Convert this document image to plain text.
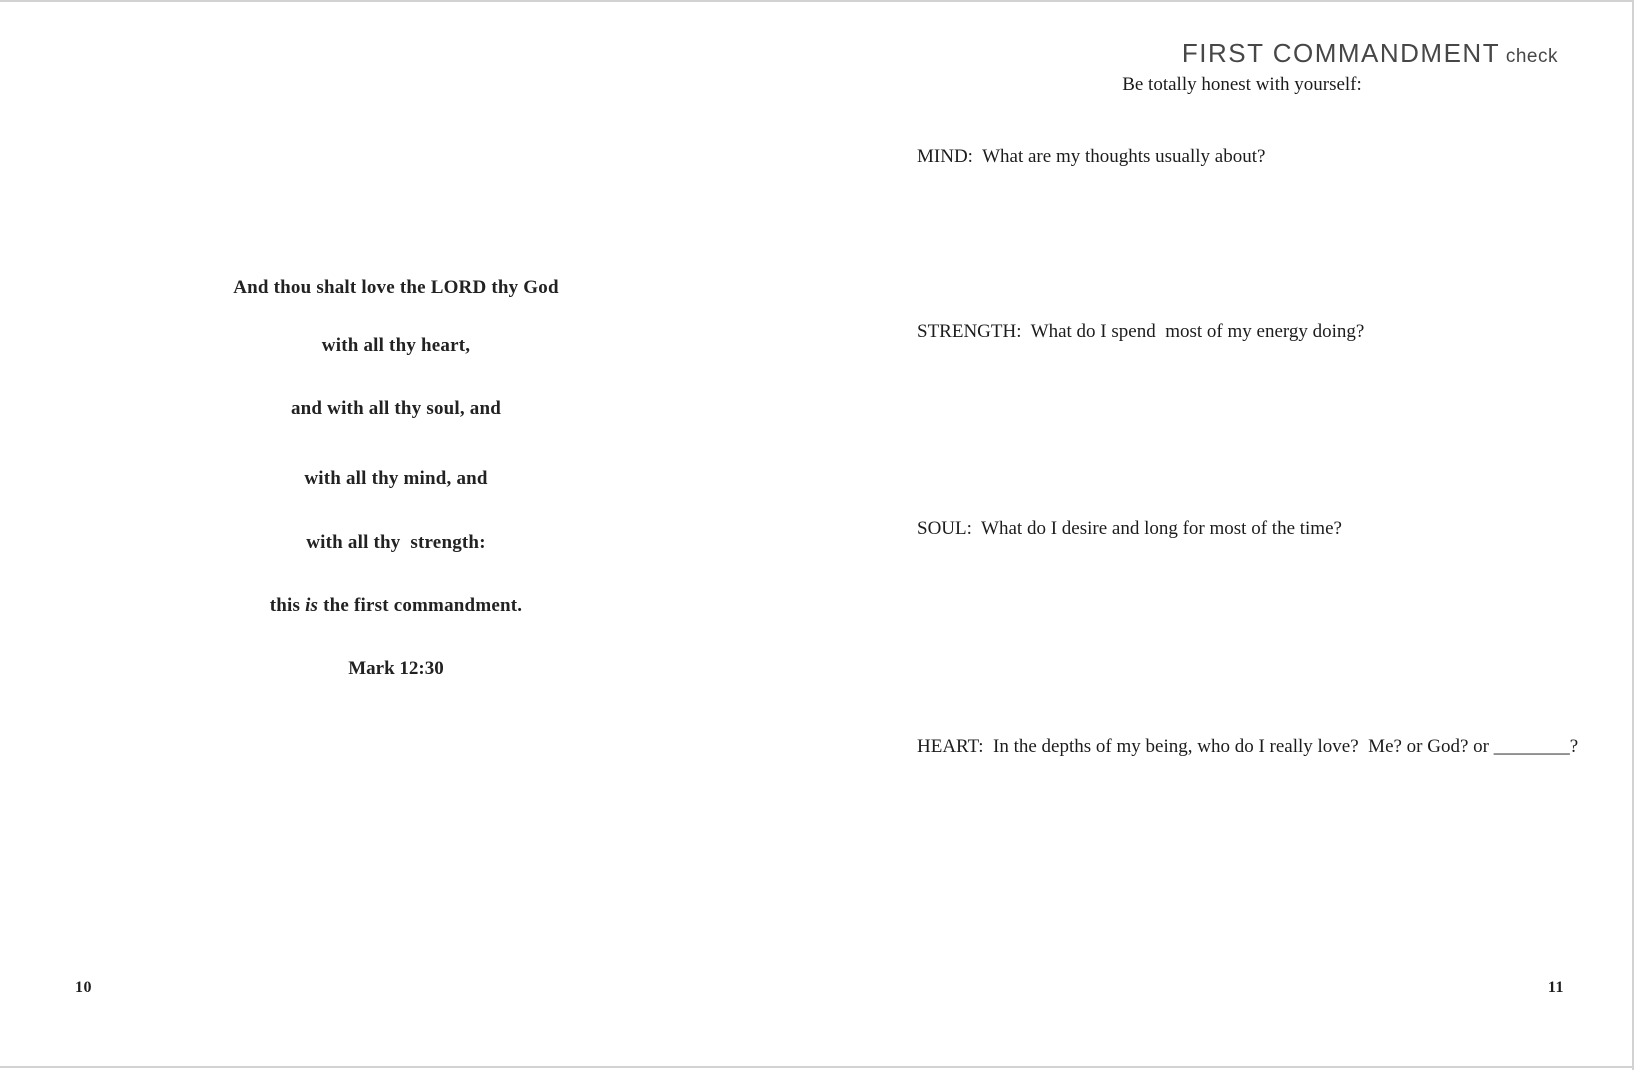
And thou shalt love the LORD thy God
with all thy heart,
and with all thy soul, and
with all thy mind, and
with all thy  strength:
this is the first commandment.
Mark 12:30
10
FIRST COMMANDMENT check
Be totally honest with yourself:
MIND:  What are my thoughts usually about?
STRENGTH:  What do I spend  most of my energy doing?
SOUL:  What do I desire and long for most of the time?
HEART:  In the depths of my being, who do I really love?  Me? or God? or ________?
11
